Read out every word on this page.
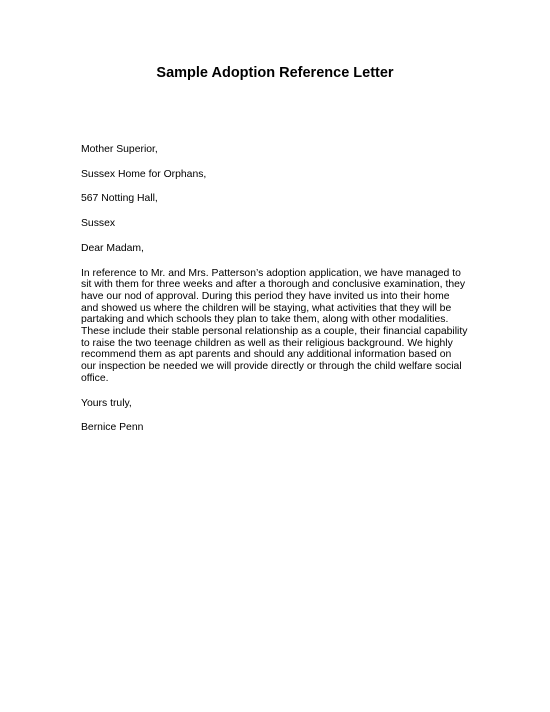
Sample Adoption Reference Letter
Mother Superior,
Sussex Home for Orphans,
567 Notting Hall,
Sussex
Dear Madam,
In reference to Mr. and Mrs. Patterson’s adoption application, we have managed to
sit with them for three weeks and after a thorough and conclusive examination, they
have our nod of approval. During this period they have invited us into their home
and showed us where the children will be staying, what activities that they will be
partaking and which schools they plan to take them, along with other modalities.
These include their stable personal relationship as a couple, their financial capability
to raise the two teenage children as well as their religious background. We highly
recommend them as apt parents and should any additional information based on
our inspection be needed we will provide directly or through the child welfare social
office.
Yours truly,
Bernice Penn
